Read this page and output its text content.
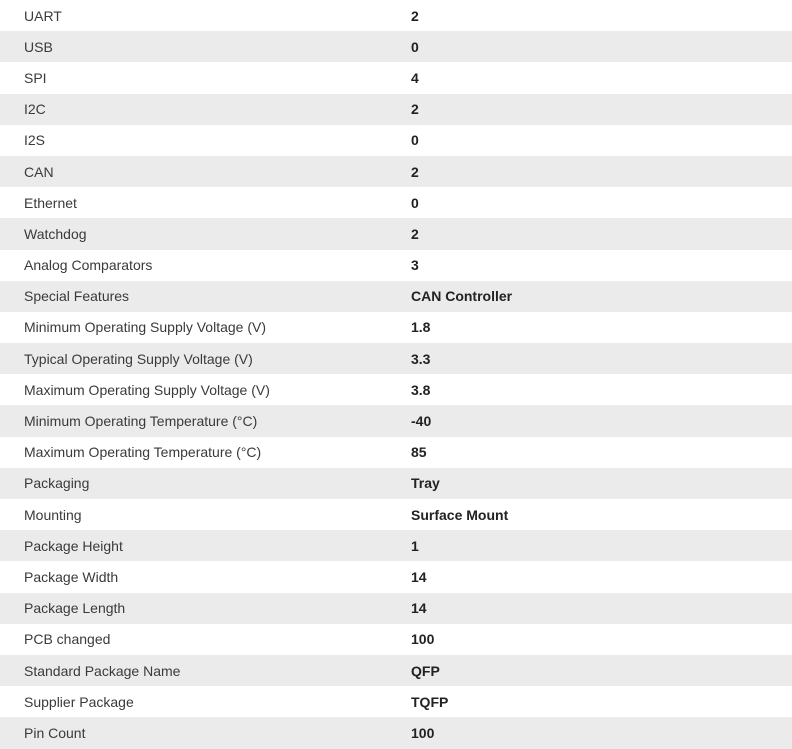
UART	2
USB	0
SPI	4
I2C	2
I2S	0
CAN	2
Ethernet	0
Watchdog	2
Analog Comparators	3
Special Features	CAN Controller
Minimum Operating Supply Voltage (V)	1.8
Typical Operating Supply Voltage (V)	3.3
Maximum Operating Supply Voltage (V)	3.8
Minimum Operating Temperature (°C)	-40
Maximum Operating Temperature (°C)	85
Packaging	Tray
Mounting	Surface Mount
Package Height	1
Package Width	14
Package Length	14
PCB changed	100
Standard Package Name	QFP
Supplier Package	TQFP
Pin Count	100
